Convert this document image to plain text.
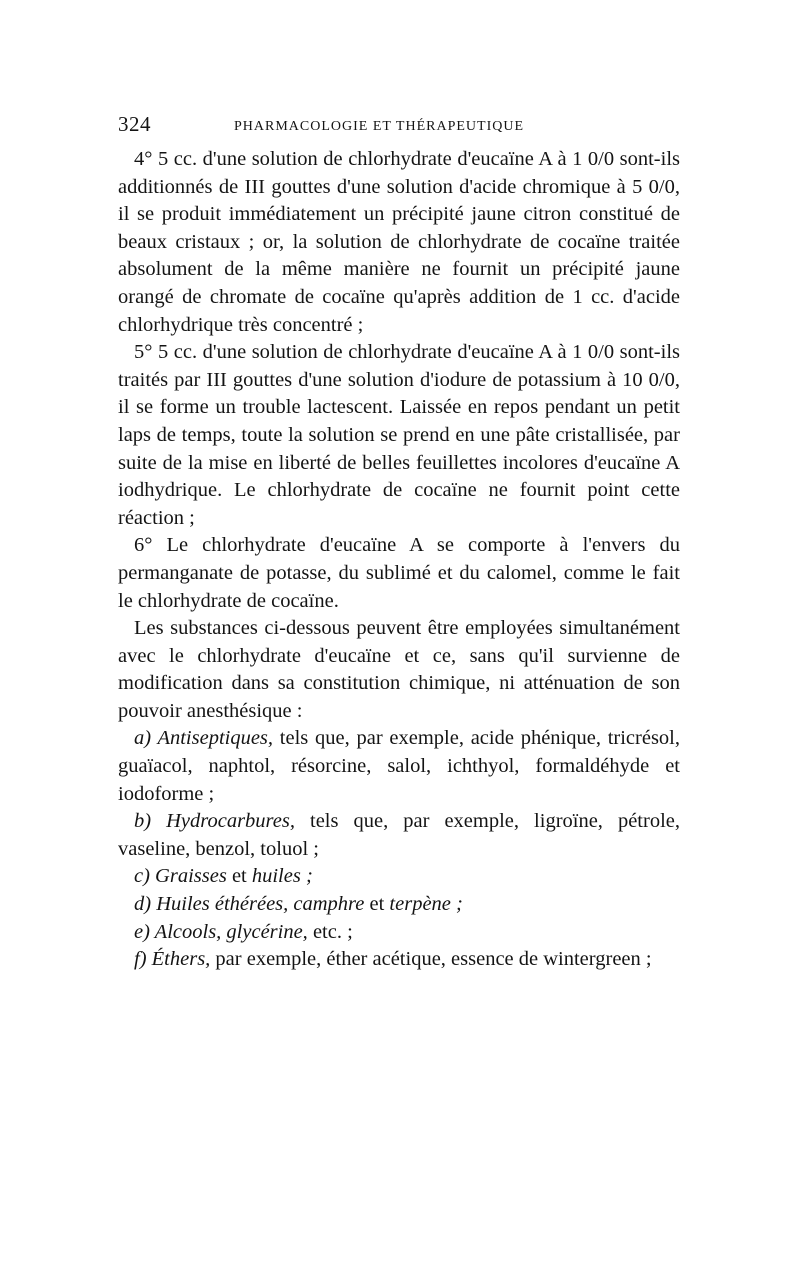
324	PHARMACOLOGIE ET THÉRAPEUTIQUE

4° 5 cc. d'une solution de chlorhydrate d'eucaïne A à 1 0/0 sont-ils additionnés de III gouttes d'une solution d'acide chromique à 5 0/0, il se produit immédiatement un précipité jaune citron constitué de beaux cristaux ; or, la solution de chlorhydrate de cocaïne traitée absolument de la même manière ne fournit un précipité jaune orangé de chromate de cocaïne qu'après addition de 1 cc. d'acide chlorhydrique très concentré ;

5° 5 cc. d'une solution de chlorhydrate d'eucaïne A à 1 0/0 sont-ils traités par III gouttes d'une solution d'iodure de potassium à 10 0/0, il se forme un trouble lactescent. Laissée en repos pendant un petit laps de temps, toute la solution se prend en une pâte cristallisée, par suite de la mise en liberté de belles feuillettes incolores d'eucaïne A iodhydrique. Le chlorhydrate de cocaïne ne fournit point cette réaction ;

6° Le chlorhydrate d'eucaïne A se comporte à l'envers du permanganate de potasse, du sublimé et du calomel, comme le fait le chlorhydrate de cocaïne.

Les substances ci-dessous peuvent être employées simultanément avec le chlorhydrate d'eucaïne et ce, sans qu'il survienne de modification dans sa constitution chimique, ni atténuation de son pouvoir anesthésique :

a) Antiseptiques, tels que, par exemple, acide phénique, tricrésol, guaïacol, naphtol, résorcine, salol, ichthyol, formaldéhyde et iodoforme ;

b) Hydrocarbures, tels que, par exemple, ligroïne, pétrole, vaseline, benzol, toluol ;

c) Graisses et huiles ;

d) Huiles éthérées, camphre et terpène ;

e) Alcools, glycérine, etc. ;

f) Éthers, par exemple, éther acétique, essence de wintergreen ;
